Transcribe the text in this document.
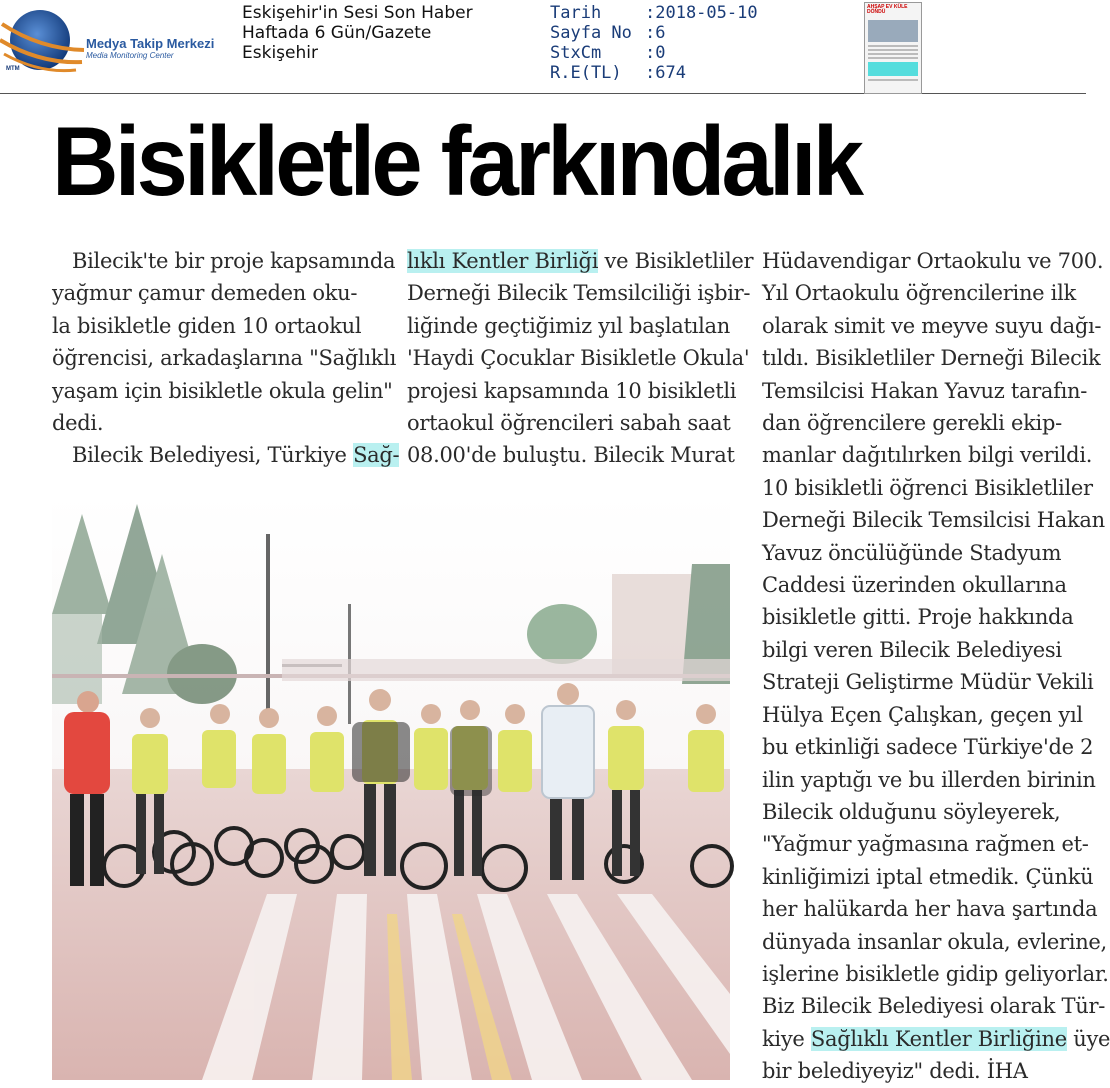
Medya Takip Merkezi
Media Monitoring Center
MTM
Eskişehir'in Sesi Son Haber
Haftada 6 Gün/Gazete
Eskişehir
Tarih	:2018-05-10
Sayfa No :6
StxCm	:0
R.E(TL)	:674
AHŞAP EV KÜLE DÖNDÜ
Bisikletle farkındalık

Bilecik'te bir proje kapsamında

yağmur çamur demeden oku-

la bisikletle giden 10 ortaokul

öğrencisi, arkadaşlarına "Sağlıklı

yaşam için bisikletle okula gelin"

dedi.

Bilecik Belediyesi, Türkiye Sağ-

lıklı Kentler Birliği ve Bisikletliler

Derneği Bilecik Temsilciliği işbir-

liğinde geçtiğimiz yıl başlatılan

'Haydi Çocuklar Bisikletle Okula'

projesi kapsamında 10 bisikletli

ortaokul öğrencileri sabah saat

08.00'de buluştu. Bilecik Murat

Hüdavendigar Ortaokulu ve 700.

Yıl Ortaokulu öğrencilerine ilk

olarak simit ve meyve suyu dağı-

tıldı. Bisikletliler Derneği Bilecik

Temsilcisi Hakan Yavuz tarafın-

dan öğrencilere gerekli ekip-

manlar dağıtılırken bilgi verildi.

10 bisikletli öğrenci Bisikletliler

Derneği Bilecik Temsilcisi Hakan

Yavuz öncülüğünde Stadyum

Caddesi üzerinden okullarına

bisikletle gitti. Proje hakkında

bilgi veren Bilecik Belediyesi

Strateji Geliştirme Müdür Vekili

Hülya Eçen Çalışkan, geçen yıl

bu etkinliği sadece Türkiye'de 2

ilin yaptığı ve bu illerden birinin

Bilecik olduğunu söyleyerek,

"Yağmur yağmasına rağmen et-

kinliğimizi iptal etmedik. Çünkü

her halükarda her hava şartında

dünyada insanlar okula, evlerine,

işlerine bisikletle gidip geliyorlar.

Biz Bilecik Belediyesi olarak Tür-

kiye Sağlıklı Kentler Birliğine üye

bir belediyeyiz" dedi. İHA
